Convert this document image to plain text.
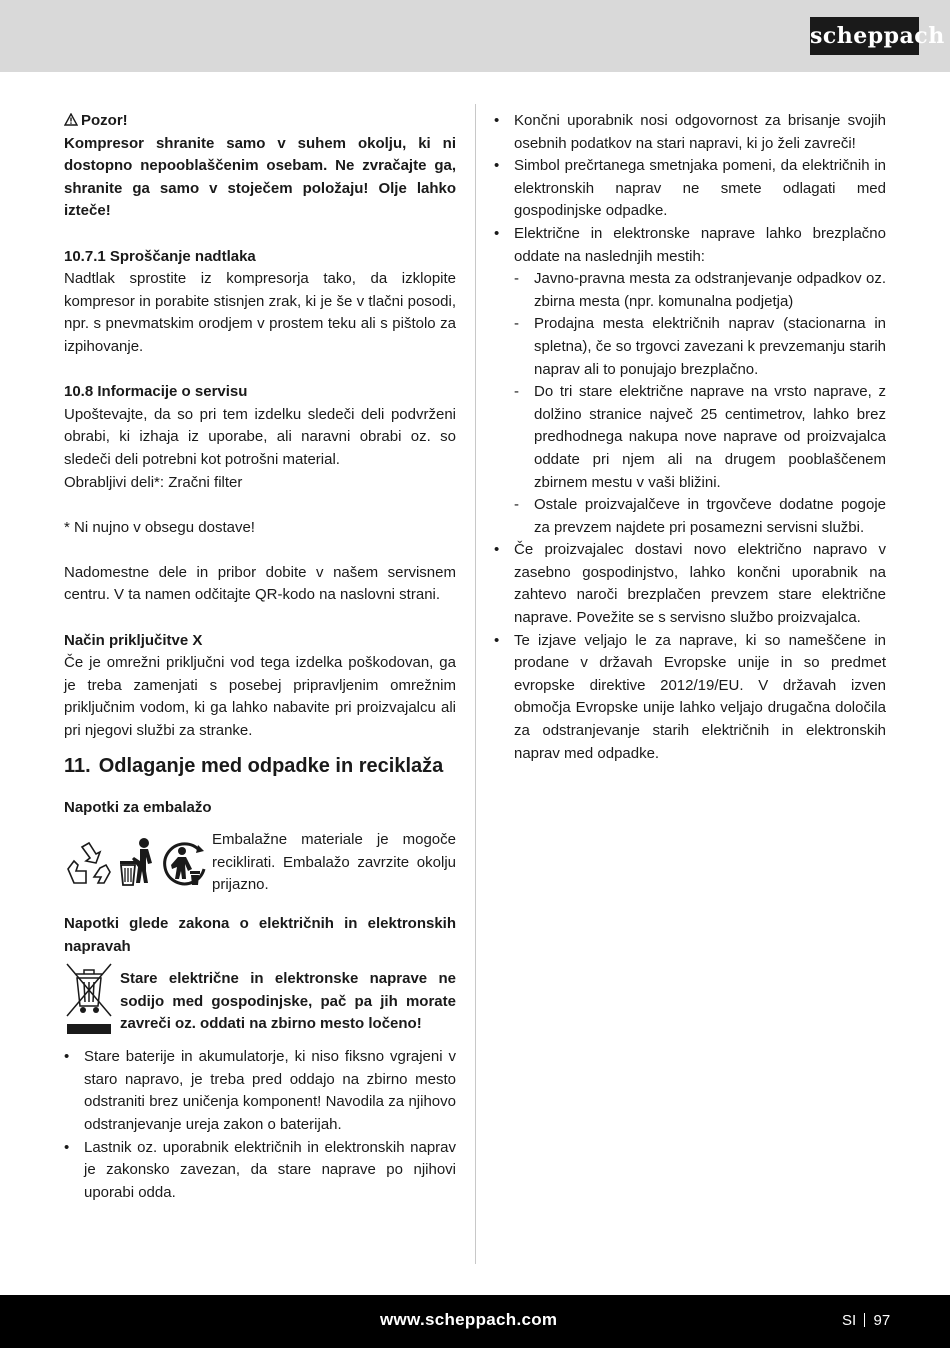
scheppach

Pozor!

Kompresor shranite samo v suhem okolju, ki ni dostopno nepooblaščenim osebam. Ne zvračajte ga, shranite ga samo v stoječem položaju! Olje lahko izteče!

10.7.1 Sproščanje nadtlaka

Nadtlak sprostite iz kompresorja tako, da izklopite kompresor in porabite stisnjen zrak, ki je še v tlačni posodi, npr. s pnevmatskim orodjem v prostem teku ali s pištolo za izpihovanje.

10.8 Informacije o servisu

Upoštevajte, da so pri tem izdelku sledeči deli podvrženi obrabi, ki izhaja iz uporabe, ali naravni obrabi oz. so sledeči deli potrebni kot potrošni material.

Obrabljivi deli*: Zračni filter

* Ni nujno v obsegu dostave!

Nadomestne dele in pribor dobite v našem servisnem centru. V ta namen odčitajte QR-kodo na naslovni strani.

Način priključitve X

Če je omrežni priključni vod tega izdelka poškodovan, ga je treba zamenjati s posebej pripravljenim omrežnim priključnim vodom, ki ga lahko nabavite pri proizvajalcu ali pri njegovi službi za stranke.

11. Odlaganje med odpadke in reciklaža

Napotki za embalažo

Embalažne materiale je mogoče reciklirati. Embalažo zavrzite okolju prijazno.

Napotki glede zakona o električnih in elektronskih napravah

Stare električne in elektronske naprave ne sodijo med gospodinjske, pač pa jih morate zavreči oz. oddati na zbirno mesto ločeno!

• Stare baterije in akumulatorje, ki niso fiksno vgrajeni v staro napravo, je treba pred oddajo na zbirno mesto odstraniti brez uničenja komponent! Navodila za njihovo odstranjevanje ureja zakon o baterijah.
• Lastnik oz. uporabnik električnih in elektronskih naprav je zakonsko zavezan, da stare naprave po njihovi uporabi odda.
• Končni uporabnik nosi odgovornost za brisanje svojih osebnih podatkov na stari napravi, ki jo želi zavreči!
• Simbol prečrtanega smetnjaka pomeni, da električnih in elektronskih naprav ne smete odlagati med gospodinjske odpadke.
• Električne in elektronske naprave lahko brezplačno oddate na naslednjih mestih:
- Javno-pravna mesta za odstranjevanje odpadkov oz. zbirna mesta (npr. komunalna podjetja)
- Prodajna mesta električnih naprav (stacionarna in spletna), če so trgovci zavezani k prevzemanju starih naprav ali to ponujajo brezplačno.
- Do tri stare električne naprave na vrsto naprave, z dolžino stranice največ 25 centimetrov, lahko brez predhodnega nakupa nove naprave od proizvajalca oddate pri njem ali na drugem pooblaščenem zbirnem mestu v vaši bližini.
- Ostale proizvajalčeve in trgovčeve dodatne pogoje za prevzem najdete pri posamezni servisni službi.
• Če proizvajalec dostavi novo električno napravo v zasebno gospodinjstvo, lahko končni uporabnik na zahtevo naroči brezplačen prevzem stare električne naprave. Povežite se s servisno službo proizvajalca.
• Te izjave veljajo le za naprave, ki so nameščene in prodane v državah Evropske unije in so predmet evropske direktive 2012/19/EU. V državah izven območja Evropske unije lahko veljajo drugačna določila za odstranjevanje starih električnih in elektronskih naprav med odpadke.
www.scheppach.com	SI 97
